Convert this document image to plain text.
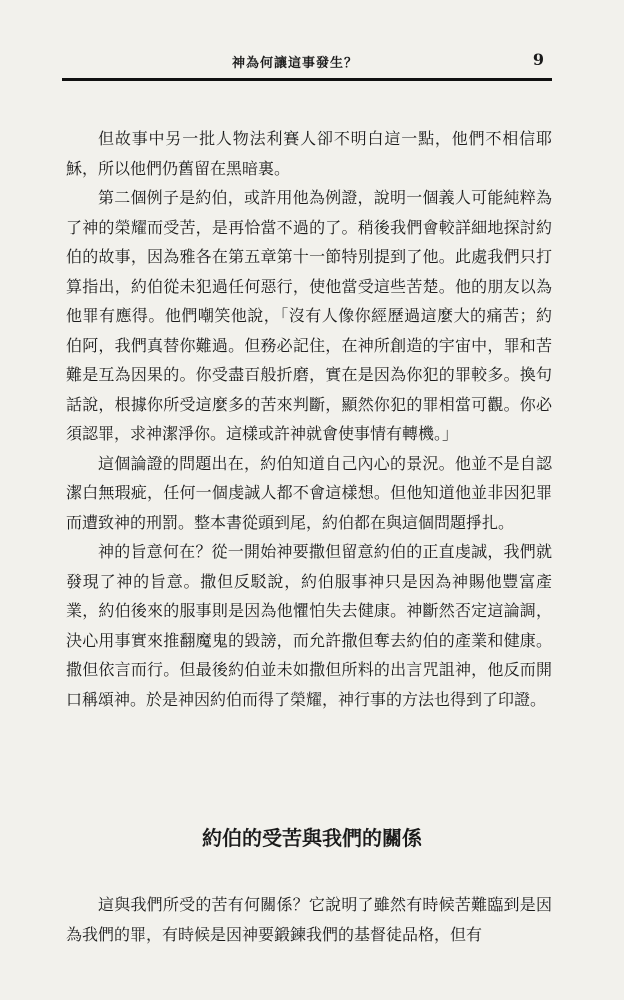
神為何讓這事發生？	9

但故事中另一批人物法利賽人卻不明白這一點，他們不相信耶穌，所以他們仍舊留在黑暗裏。

第二個例子是約伯，或許用他為例證，說明一個義人可能純粹為了神的榮耀而受苦，是再恰當不過的了。稍後我們會較詳細地探討約伯的故事，因為雅各在第五章第十一節特別提到了他。此處我們只打算指出，約伯從未犯過任何惡行，使他當受這些苦楚。他的朋友以為他罪有應得。他們嘲笑他說，「沒有人像你經歷過這麼大的痛苦；約伯阿，我們真替你難過。但務必記住，在神所創造的宇宙中，罪和苦難是互為因果的。你受盡百般折磨，實在是因為你犯的罪較多。換句話說，根據你所受這麼多的苦來判斷，顯然你犯的罪相當可觀。你必須認罪，求神潔淨你。這樣或許神就會使事情有轉機。」

這個論證的問題出在，約伯知道自己內心的景況。他並不是自認潔白無瑕疵，任何一個虔誠人都不會這樣想。但他知道他並非因犯罪而遭致神的刑罰。整本書從頭到尾，約伯都在與這個問題掙扎。

神的旨意何在？從一開始神要撒但留意約伯的正直虔誠，我們就發現了神的旨意。撒但反駁說，約伯服事神只是因為神賜他豐富產業，約伯後來的服事則是因為他懼怕失去健康。神斷然否定這論調，決心用事實來推翻魔鬼的毀謗，而允許撒但奪去約伯的產業和健康。撒但依言而行。但最後約伯並未如撒但所料的出言咒詛神，他反而開口稱頌神。於是神因約伯而得了榮耀，神行事的方法也得到了印證。

約伯的受苦與我們的關係

這與我們所受的苦有何關係？它說明了雖然有時候苦難臨到是因為我們的罪，有時候是因神要鍛鍊我們的基督徒品格，但有
